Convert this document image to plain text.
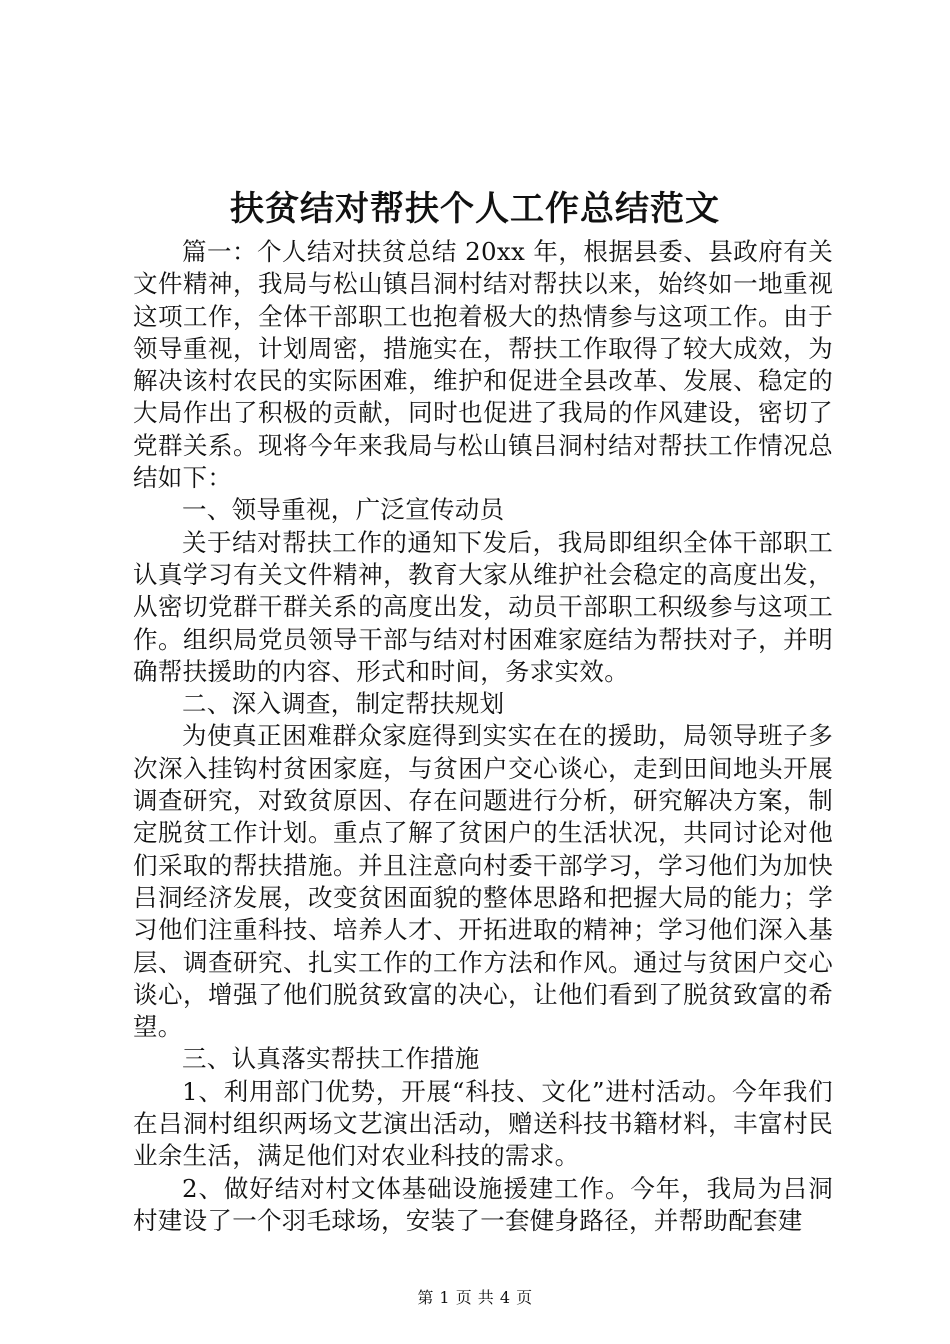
扶贫结对帮扶个人工作总结范文

篇一：个人结对扶贫总结 20xx 年，根据县委、县政府有关文件精神，我局与松山镇吕洞村结对帮扶以来，始终如一地重视这项工作，全体干部职工也抱着极大的热情参与这项工作。由于领导重视，计划周密，措施实在，帮扶工作取得了较大成效，为解决该村农民的实际困难，维护和促进全县改革、发展、稳定的大局作出了积极的贡献，同时也促进了我局的作风建设，密切了党群关系。现将今年来我局与松山镇吕洞村结对帮扶工作情况总结如下：

一、领导重视，广泛宣传动员

关于结对帮扶工作的通知下发后，我局即组织全体干部职工认真学习有关文件精神，教育大家从维护社会稳定的高度出发，从密切党群干群关系的高度出发，动员干部职工积级参与这项工作。组织局党员领导干部与结对村困难家庭结为帮扶对子，并明确帮扶援助的内容、形式和时间，务求实效。

二、深入调查，制定帮扶规划

为使真正困难群众家庭得到实实在在的援助，局领导班子多次深入挂钩村贫困家庭，与贫困户交心谈心，走到田间地头开展调查研究，对致贫原因、存在问题进行分析，研究解决方案，制定脱贫工作计划。重点了解了贫困户的生活状况，共同讨论对他们采取的帮扶措施。并且注意向村委干部学习，学习他们为加快吕洞经济发展，改变贫困面貌的整体思路和把握大局的能力；学习他们注重科技、培养人才、开拓进取的精神；学习他们深入基层、调查研究、扎实工作的工作方法和作风。通过与贫困户交心谈心，增强了他们脱贫致富的决心，让他们看到了脱贫致富的希望。

三、认真落实帮扶工作措施

1、利用部门优势，开展“科技、文化”进村活动。今年我们在吕洞村组织两场文艺演出活动，赠送科技书籍材料，丰富村民业余生活，满足他们对农业科技的需求。

2、做好结对村文体基础设施援建工作。今年，我局为吕洞村建设了一个羽毛球场，安装了一套健身路径，并帮助配套建

第 1 页 共 4 页
